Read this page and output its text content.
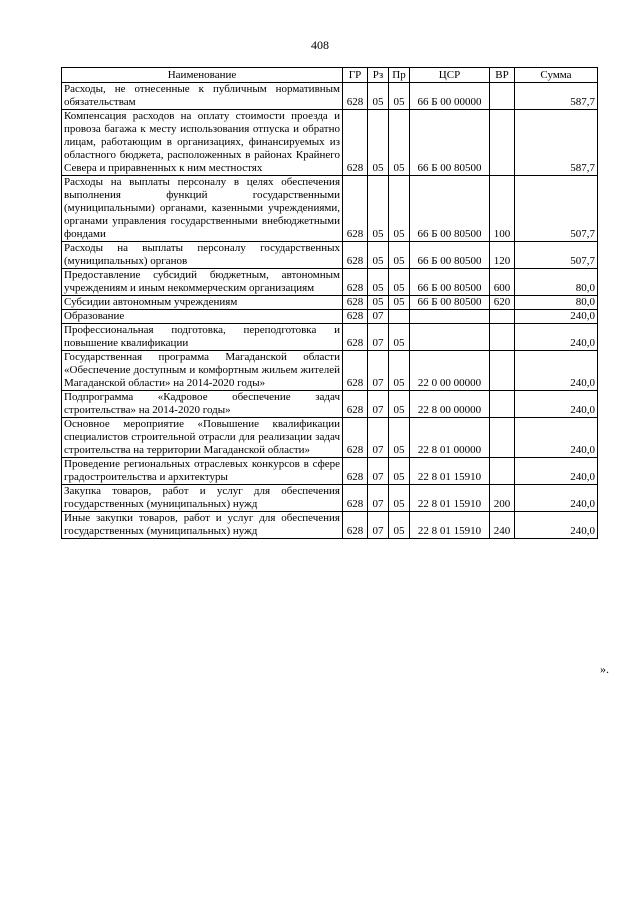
408
Наименование	ГР	Рз	Пр	ЦСР	ВР	Сумма
Расходы, не отнесенные к публичным нормативным обязательствам	628	05	05	66 Б 00 00000		587,7
Компенсация расходов на оплату стоимости проезда и провоза багажа к месту использования отпуска и обратно лицам, работающим в организациях, финансируемых из областного бюджета, расположенных в районах Крайнего Севера и приравненных к ним местностях	628	05	05	66 Б 00 80500		587,7
Расходы на выплаты персоналу в целях обеспечения выполнения функций государственными (муниципальными) органами, казенными учреждениями, органами управления государственными внебюджетными фондами	628	05	05	66 Б 00 80500	100	507,7
Расходы на выплаты персоналу государственных (муниципальных) органов	628	05	05	66 Б 00 80500	120	507,7
Предоставление субсидий бюджетным, автономным учреждениям и иным некоммерческим организациям	628	05	05	66 Б 00 80500	600	80,0
Субсидии автономным учреждениям	628	05	05	66 Б 00 80500	620	80,0
Образование	628	07				240,0
Профессиональная подготовка, переподготовка и повышение квалификации	628	07	05			240,0
Государственная программа Магаданской области «Обеспечение доступным и комфортным жильем жителей Магаданской области» на 2014-2020 годы»	628	07	05	22 0 00 00000		240,0
Подпрограмма «Кадровое обеспечение задач строительства» на 2014-2020 годы»	628	07	05	22 8 00 00000		240,0
Основное мероприятие «Повышение квалификации специалистов строительной отрасли для реализации задач строительства на территории Магаданской области»	628	07	05	22 8 01 00000		240,0
Проведение региональных отраслевых конкурсов в сфере градостроительства и архитектуры	628	07	05	22 8 01 15910		240,0
Закупка товаров, работ и услуг для обеспечения государственных (муниципальных) нужд	628	07	05	22 8 01 15910	200	240,0
Иные закупки товаров, работ и услуг для обеспечения государственных (муниципальных) нужд	628	07	05	22 8 01 15910	240	240,0
».
